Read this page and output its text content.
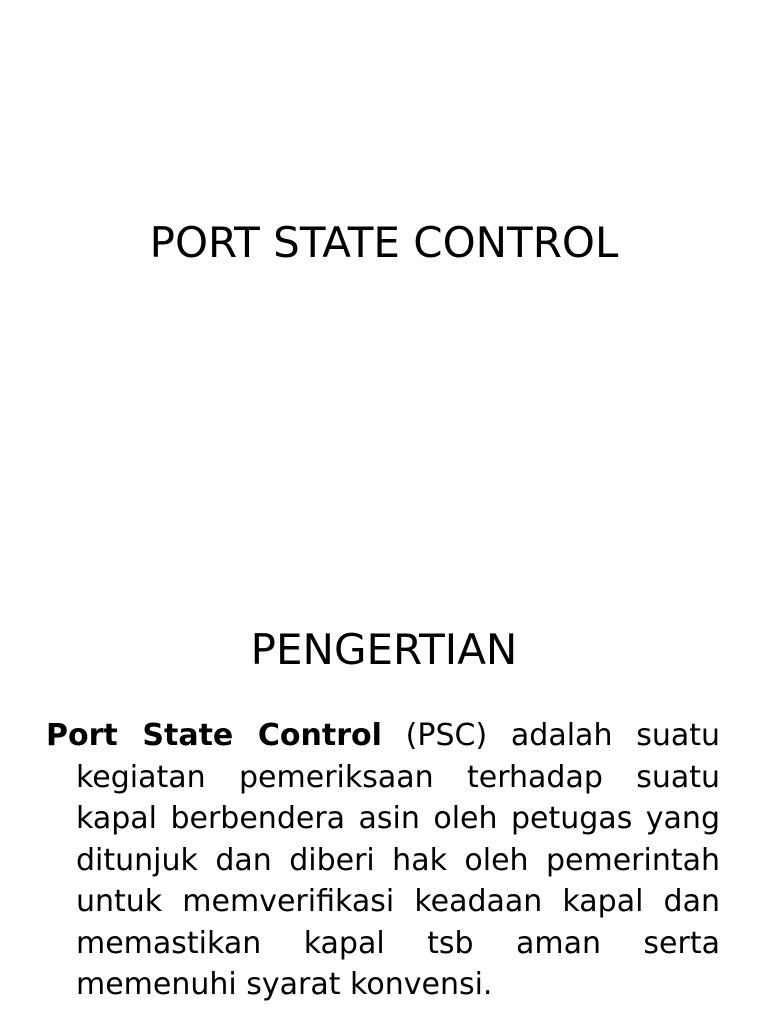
PORT STATE CONTROL
PENGERTIAN

Port State Control (PSC) adalah suatu kegiatan pemeriksaan terhadap suatu kapal berbendera asin oleh petugas yang ditunjuk dan diberi hak oleh pemerintah untuk memverifikasi keadaan kapal dan memastikan kapal tsb aman serta memenuhi syarat konvensi.
